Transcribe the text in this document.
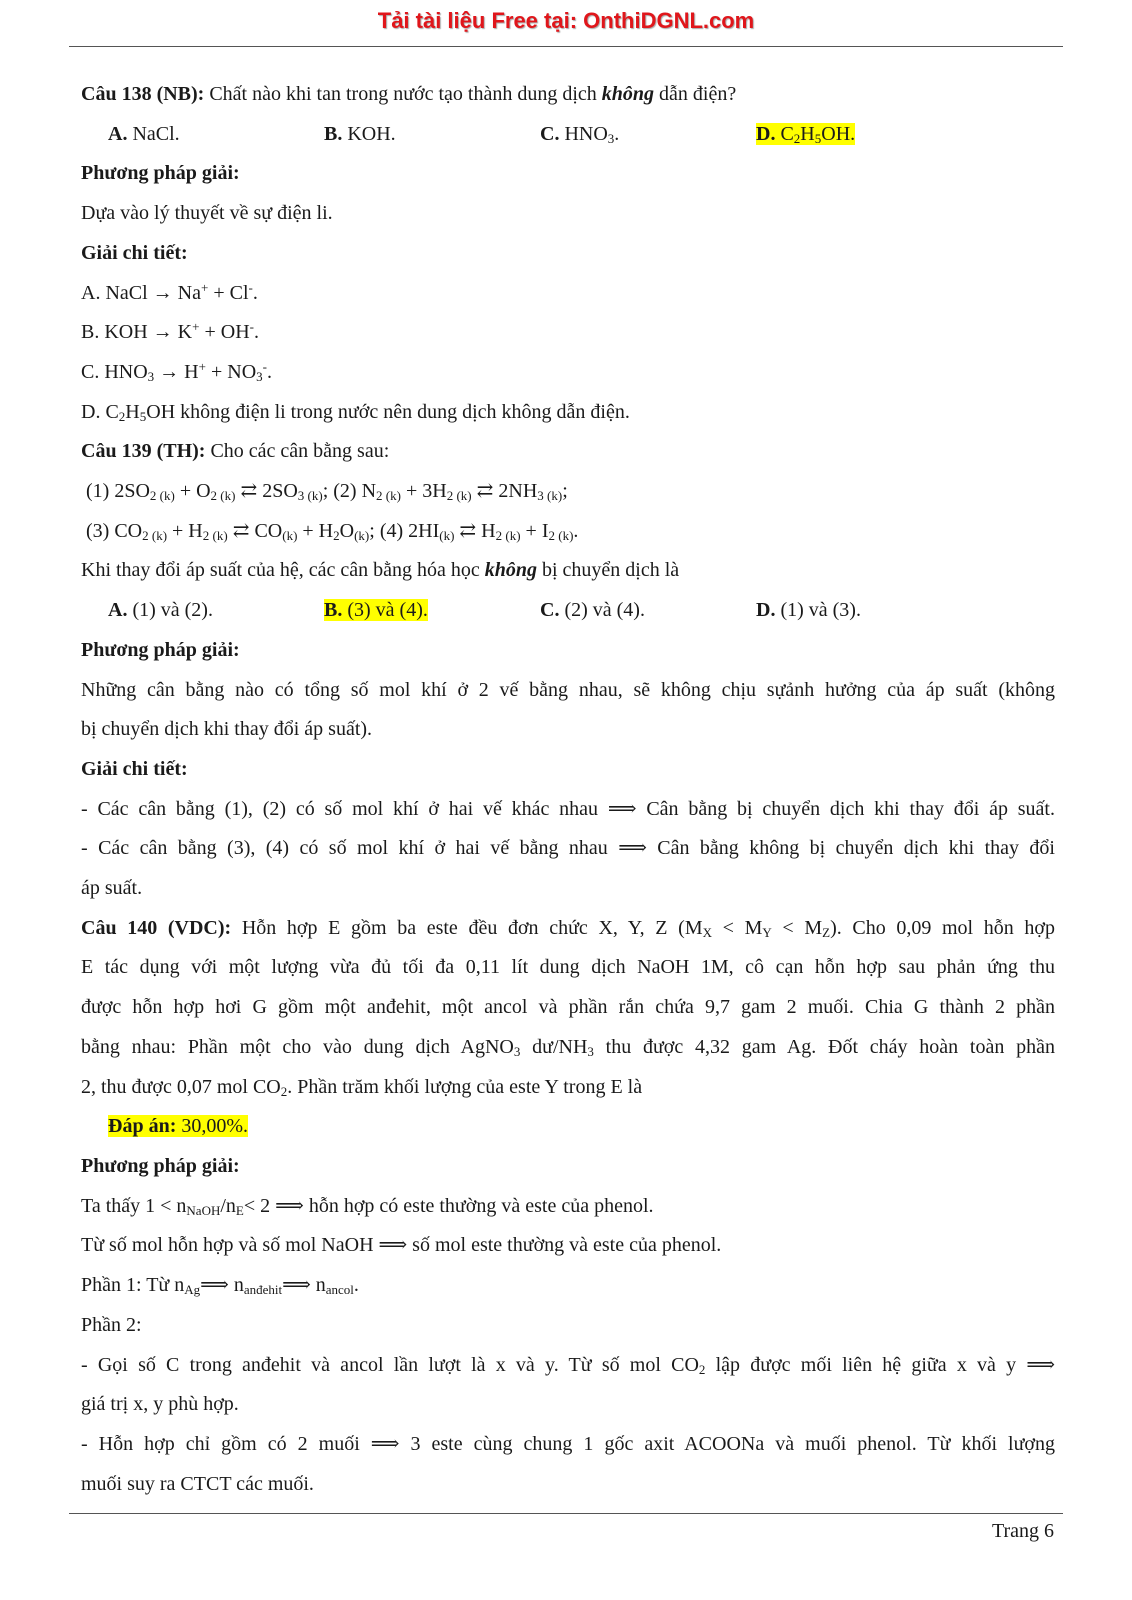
Tải tài liệu Free tại: OnthiDGNL.com
Câu 138 (NB): Chất nào khi tan trong nước tạo thành dung dịch không dẫn điện?
A. NaCl.	B. KOH.	C. $HNO_3$.	D. $C_2H_5OH$.
Phương pháp giải:
Dựa vào lý thuyết về sự điện li.
Giải chi tiết:
A. NaCl → Na+ + Cl-.
B. KOH → K+ + OH-.
C. $HNO_3 \to H^+ + NO_3^-$.
D. $C_2H_5OH$ không điện li trong nước nên dung dịch không dẫn điện.
Câu 139 (TH): Cho các cân bằng sau:
(1) $2SO_{2 (k)} + O_{2 (k)}$ ⇄ $2SO_{3 (k)}$; (2) $N_{2 (k)} + 3H_{2 (k)}$ ⇄ $2NH_{3 (k)}$;
(3) $CO_{2 (k)} + H_{2 (k)}$ ⇄ $CO_{(k)} + H_2O_{(k)}$; (4) $2HI_{(k)}$ ⇄ $H_{2 (k)} + I_{2 (k)}$.
Khi thay đổi áp suất của hệ, các cân bằng hóa học không bị chuyển dịch là
A. (1) và (2).	B. (3) và (4).	C. (2) và (4).	D. (1) và (3).
Phương pháp giải:
Những cân bằng nào có tổng số mol khí ở 2 vế bằng nhau, sẽ không chịu sựảnh hưởng của áp suất (không
bị chuyển dịch khi thay đổi áp suất).
Giải chi tiết:
- Các cân bằng (1), (2) có số mol khí ở hai vế khác nhau ⟹ Cân bằng bị chuyển dịch khi thay đổi áp suất.
- Các cân bằng (3), (4) có số mol khí ở hai vế bằng nhau ⟹ Cân bằng không bị chuyển dịch khi thay đổi
áp suất.
Câu 140 (VDC): Hỗn hợp E gồm ba este đều đơn chức X, Y, Z $(M_X < M_Y < M_Z)$. Cho 0,09 mol hỗn hợp
E tác dụng với một lượng vừa đủ tối đa 0,11 lít dung dịch NaOH 1M, cô cạn hỗn hợp sau phản ứng thu
được hỗn hợp hơi G gồm một anđehit, một ancol và phần rắn chứa 9,7 gam 2 muối. Chia G thành 2 phần
bằng nhau: Phần một cho vào dung dịch AgNO$_3$ $dư/NH_3$ thu được 4,32 gam Ag. Đốt cháy hoàn toàn phần
2, thu được 0,07 mol $CO_2$. Phần trăm khối lượng của este Y trong E là
Đáp án: 30,00%.
Phương pháp giải:
Ta thấy $1 < n_{NaOH}/n_E< 2$ ⟹ hỗn hợp có este thường và este của phenol.
Từ số mol hỗn hợp và số mol NaOH ⟹ số mol este thường và este của phenol.
Phần 1: Từ $n_{Ag}⟹$ $n_{anđehit}⟹$ $n_{ancol}$.
Phần 2:
- Gọi số C trong anđehit và ancol lần lượt là x và y. Từ số mol $CO_2$ lập được mối liên hệ giữa x và y ⟹
giá trị x, y phù hợp.
- Hỗn hợp chỉ gồm có 2 muối ⟹ 3 este cùng chung 1 gốc axit ACOONa và muối phenol. Từ khối lượng
muối suy ra CTCT các muối.
Trang 6
